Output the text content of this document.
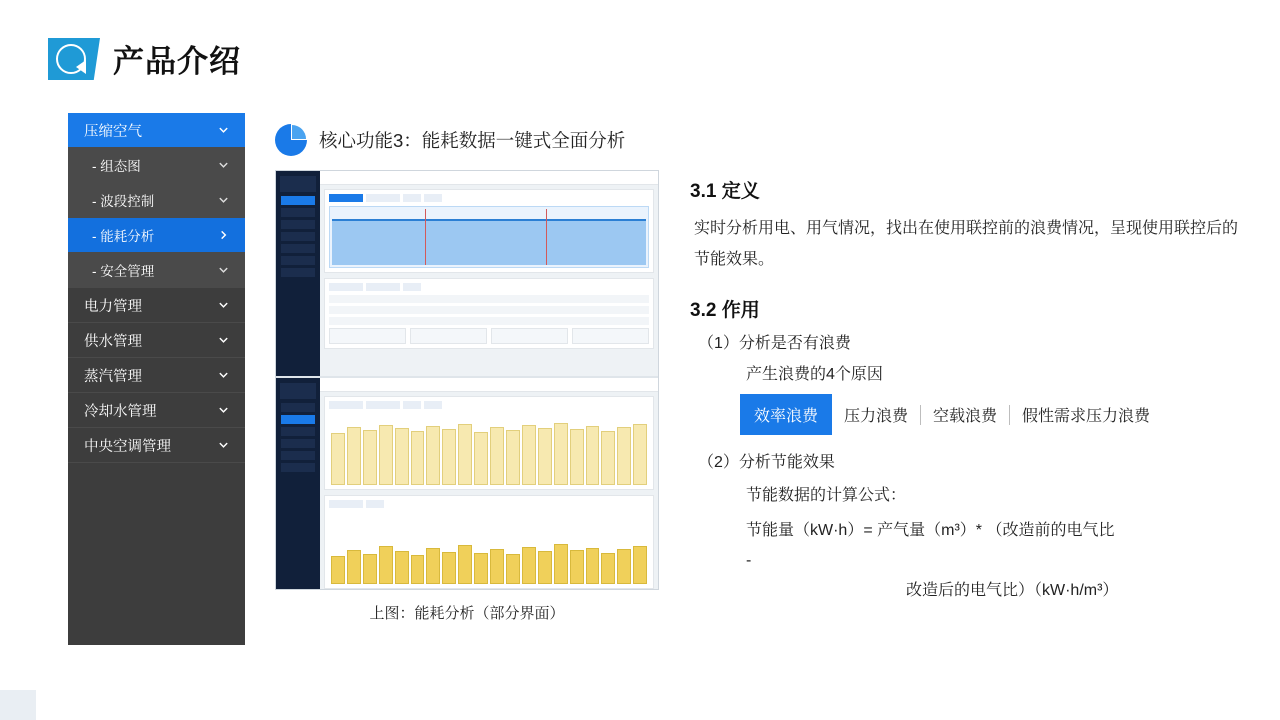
产品介绍
压缩空气
- 组态图
- 波段控制
- 能耗分析
- 安全管理
电力管理
供水管理
蒸汽管理
冷却水管理
中央空调管理
核心功能3：能耗数据一键式全面分析
上图：能耗分析（部分界面）
3.1 定义
实时分析用电、用气情况，找出在使用联控前的浪费情况，呈现使用联控后的节能效果。
3.2 作用
（1）分析是否有浪费
产生浪费的4个原因
效率浪费	压力浪费	空载浪费	假性需求压力浪费
（2）分析节能效果
节能数据的计算公式：
节能量（kW·h）= 产气量（m³）* （改造前的电气比
-
改造后的电气比）（kW·h/m³）
